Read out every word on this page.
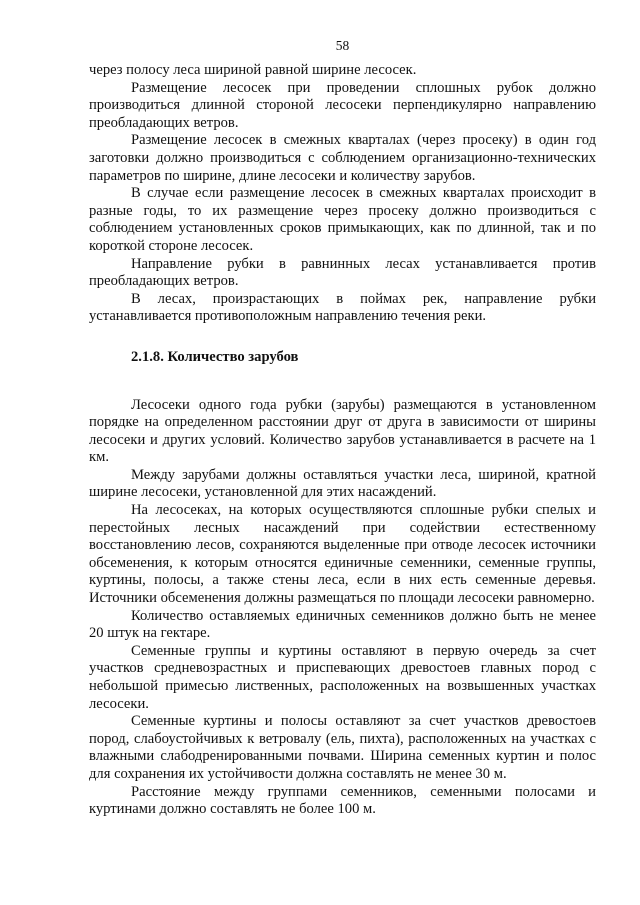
58

через полосу леса шириной равной ширине лесосек.

Размещение лесосек при проведении сплошных рубок должно производиться длинной стороной лесосеки перпендикулярно направлению преобладающих ветров.

Размещение лесосек в смежных кварталах (через просеку) в один год заготовки должно производиться с соблюдением организационно-технических параметров по ширине, длине лесосеки и количеству зарубов.

В случае если размещение лесосек в смежных кварталах происходит в разные годы, то их размещение через просеку должно производиться с соблюдением установленных сроков примыкающих, как по длинной, так и по короткой стороне лесосек.

Направление рубки в равнинных лесах устанавливается против преобладающих ветров.

В лесах, произрастающих в поймах рек, направление рубки устанавливается противоположным направлению течения реки.

2.1.8. Количество зарубов

Лесосеки одного года рубки (зарубы) размещаются в установленном порядке на определенном расстоянии друг от друга в зависимости от ширины лесосеки и других условий. Количество зарубов устанавливается в расчете на 1 км.

Между зарубами должны оставляться участки леса, шириной, кратной ширине лесосеки, установленной для этих насаждений.

На лесосеках, на которых осуществляются сплошные рубки спелых и перестойных лесных насаждений при содействии естественному восстановлению лесов, сохраняются выделенные при отводе лесосек источники обсеменения, к которым относятся единичные семенники, семенные группы, куртины, полосы, а также стены леса, если в них есть семенные деревья. Источники обсеменения должны размещаться по площади лесосеки равномерно.

Количество оставляемых единичных семенников должно быть не менее 20 штук на гектаре.

Семенные группы и куртины оставляют в первую очередь за счет участков средневозрастных и приспевающих древостоев главных пород с небольшой примесью лиственных, расположенных на возвышенных участках лесосеки.

Семенные куртины и полосы оставляют за счет участков древостоев пород, слабоустойчивых к ветровалу (ель, пихта), расположенных на участках с влажными слабодренированными почвами. Ширина семенных куртин и полос для сохранения их устойчивости должна составлять не менее 30 м.

Расстояние между группами семенников, семенными полосами и куртинами должно составлять не более 100 м.
